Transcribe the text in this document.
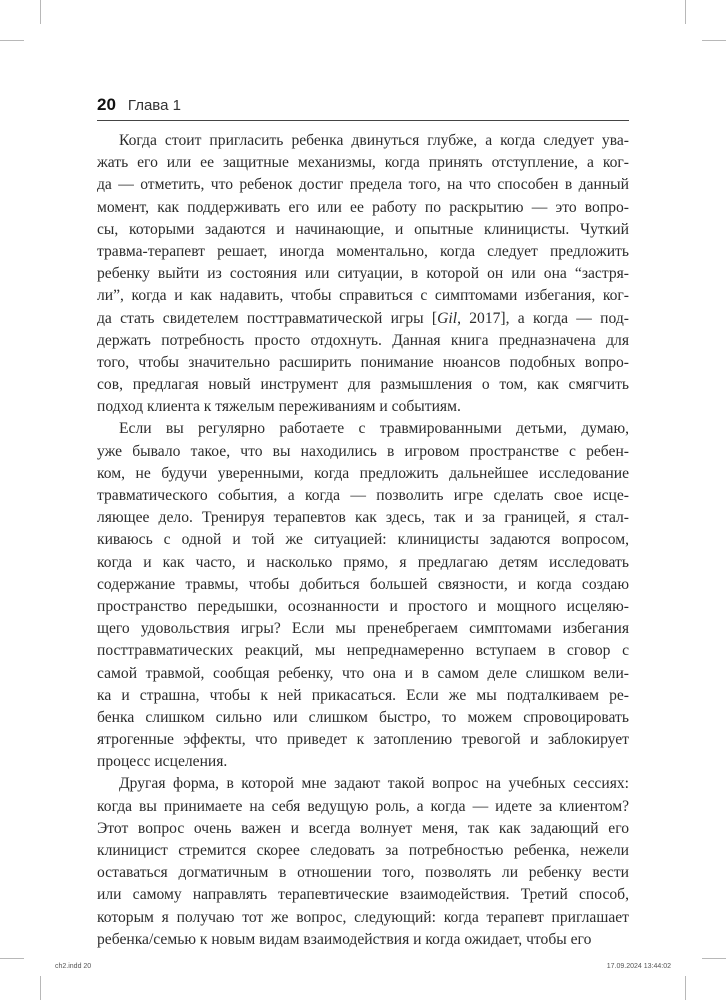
20 Глава 1
Когда стоит пригласить ребенка двинуться глубже, а когда следует ува-
жать его или ее защитные механизмы, когда принять отступление, а ког-
да — отметить, что ребенок достиг предела того, на что способен в данный
момент, как поддерживать его или ее работу по раскрытию — это вопро-
сы, которыми задаются и начинающие, и опытные клиницисты. Чуткий
травма-терапевт решает, иногда моментально, когда следует предложить
ребенку выйти из состояния или ситуации, в которой он или она “застря-
ли”, когда и как надавить, чтобы справиться с симптомами избегания, ког-
да стать свидетелем посттравматической игры [Gil, 2017], а когда — под-
держать потребность просто отдохнуть. Данная книга предназначена для
того, чтобы значительно расширить понимание нюансов подобных вопро-
сов, предлагая новый инструмент для размышления о том, как смягчить
подход клиента к тяжелым переживаниям и событиям.
Если вы регулярно работаете с травмированными детьми, думаю,
уже бывало такое, что вы находились в игровом пространстве с ребен-
ком, не будучи уверенными, когда предложить дальнейшее исследование
травматического события, а когда — позволить игре сделать свое исце-
ляющее дело. Тренируя терапевтов как здесь, так и за границей, я стал-
киваюсь с одной и той же ситуацией: клиницисты задаются вопросом,
когда и как часто, и насколько прямо, я предлагаю детям исследовать
содержание травмы, чтобы добиться большей связности, и когда создаю
пространство передышки, осознанности и простого и мощного исцеляю-
щего удовольствия игры? Если мы пренебрегаем симптомами избегания
посттравматических реакций, мы непреднамеренно вступаем в сговор с
самой травмой, сообщая ребенку, что она и в самом деле слишком вели-
ка и страшна, чтобы к ней прикасаться. Если же мы подталкиваем ре-
бенка слишком сильно или слишком быстро, то можем спровоцировать
ятрогенные эффекты, что приведет к затоплению тревогой и заблокирует
процесс исцеления.
Другая форма, в которой мне задают такой вопрос на учебных сессиях:
когда вы принимаете на себя ведущую роль, а когда — идете за клиентом?
Этот вопрос очень важен и всегда волнует меня, так как задающий его
клиницист стремится скорее следовать за потребностью ребенка, нежели
оставаться догматичным в отношении того, позволять ли ребенку вести
или самому направлять терапевтические взаимодействия. Третий способ,
которым я получаю тот же вопрос, следующий: когда терапевт приглашает
ребенка/семью к новым видам взаимодействия и когда ожидает, чтобы его
ch2.indd 20	17.09.2024 13:44:02
